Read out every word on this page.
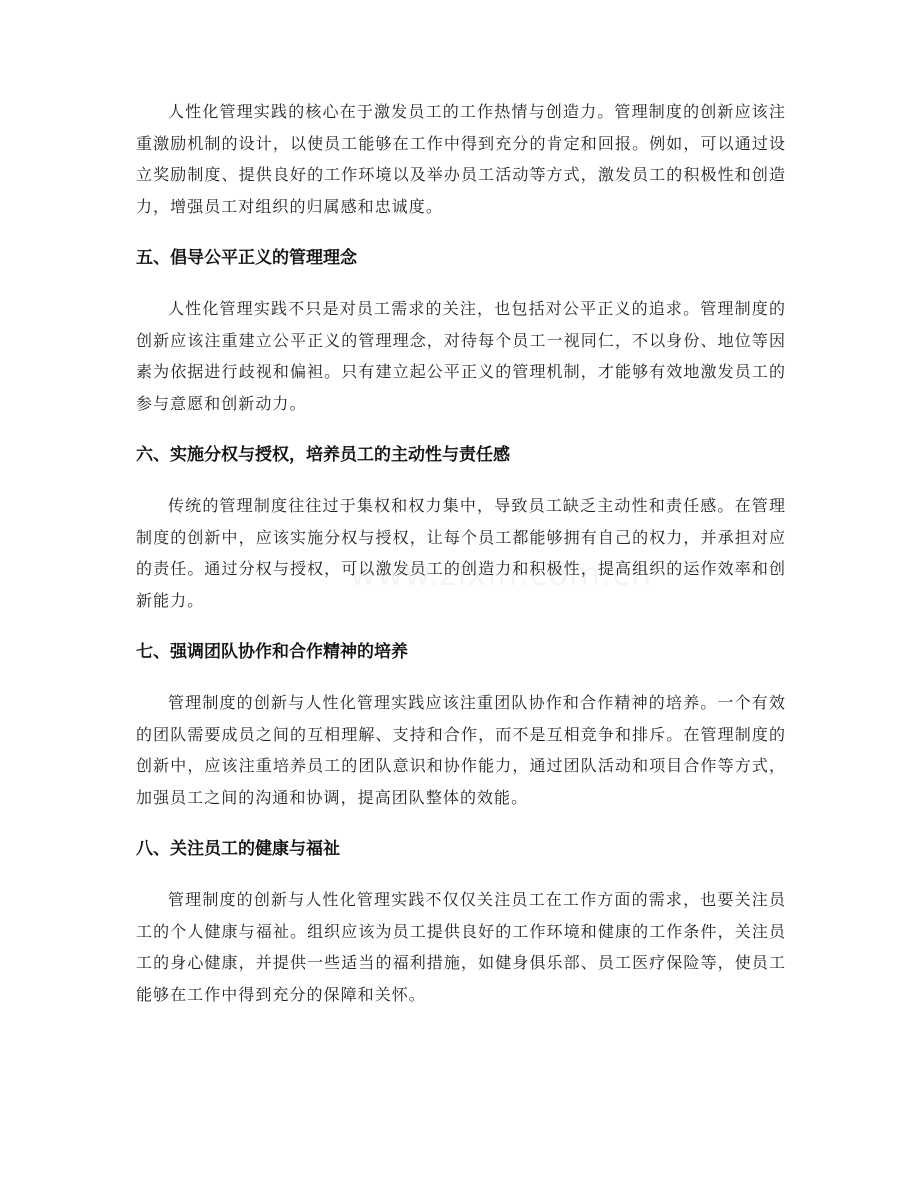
人性化管理实践的核心在于激发员工的工作热情与创造力。管理制度的创新应该注重激励机制的设计，以使员工能够在工作中得到充分的肯定和回报。例如，可以通过设立奖励制度、提供良好的工作环境以及举办员工活动等方式，激发员工的积极性和创造力，增强员工对组织的归属感和忠诚度。

五、倡导公平正义的管理理念

人性化管理实践不只是对员工需求的关注，也包括对公平正义的追求。管理制度的创新应该注重建立公平正义的管理理念，对待每个员工一视同仁，不以身份、地位等因素为依据进行歧视和偏袒。只有建立起公平正义的管理机制，才能够有效地激发员工的参与意愿和创新动力。

六、实施分权与授权，培养员工的主动性与责任感

传统的管理制度往往过于集权和权力集中，导致员工缺乏主动性和责任感。在管理制度的创新中，应该实施分权与授权，让每个员工都能够拥有自己的权力，并承担对应的责任。通过分权与授权，可以激发员工的创造力和积极性，提高组织的运作效率和创新能力。

七、强调团队协作和合作精神的培养

管理制度的创新与人性化管理实践应该注重团队协作和合作精神的培养。一个有效的团队需要成员之间的互相理解、支持和合作，而不是互相竞争和排斥。在管理制度的创新中，应该注重培养员工的团队意识和协作能力，通过团队活动和项目合作等方式，加强员工之间的沟通和协调，提高团队整体的效能。

八、关注员工的健康与福祉

管理制度的创新与人性化管理实践不仅仅关注员工在工作方面的需求，也要关注员工的个人健康与福祉。组织应该为员工提供良好的工作环境和健康的工作条件，关注员工的身心健康，并提供一些适当的福利措施，如健身俱乐部、员工医疗保险等，使员工能够在工作中得到充分的保障和关怀。
